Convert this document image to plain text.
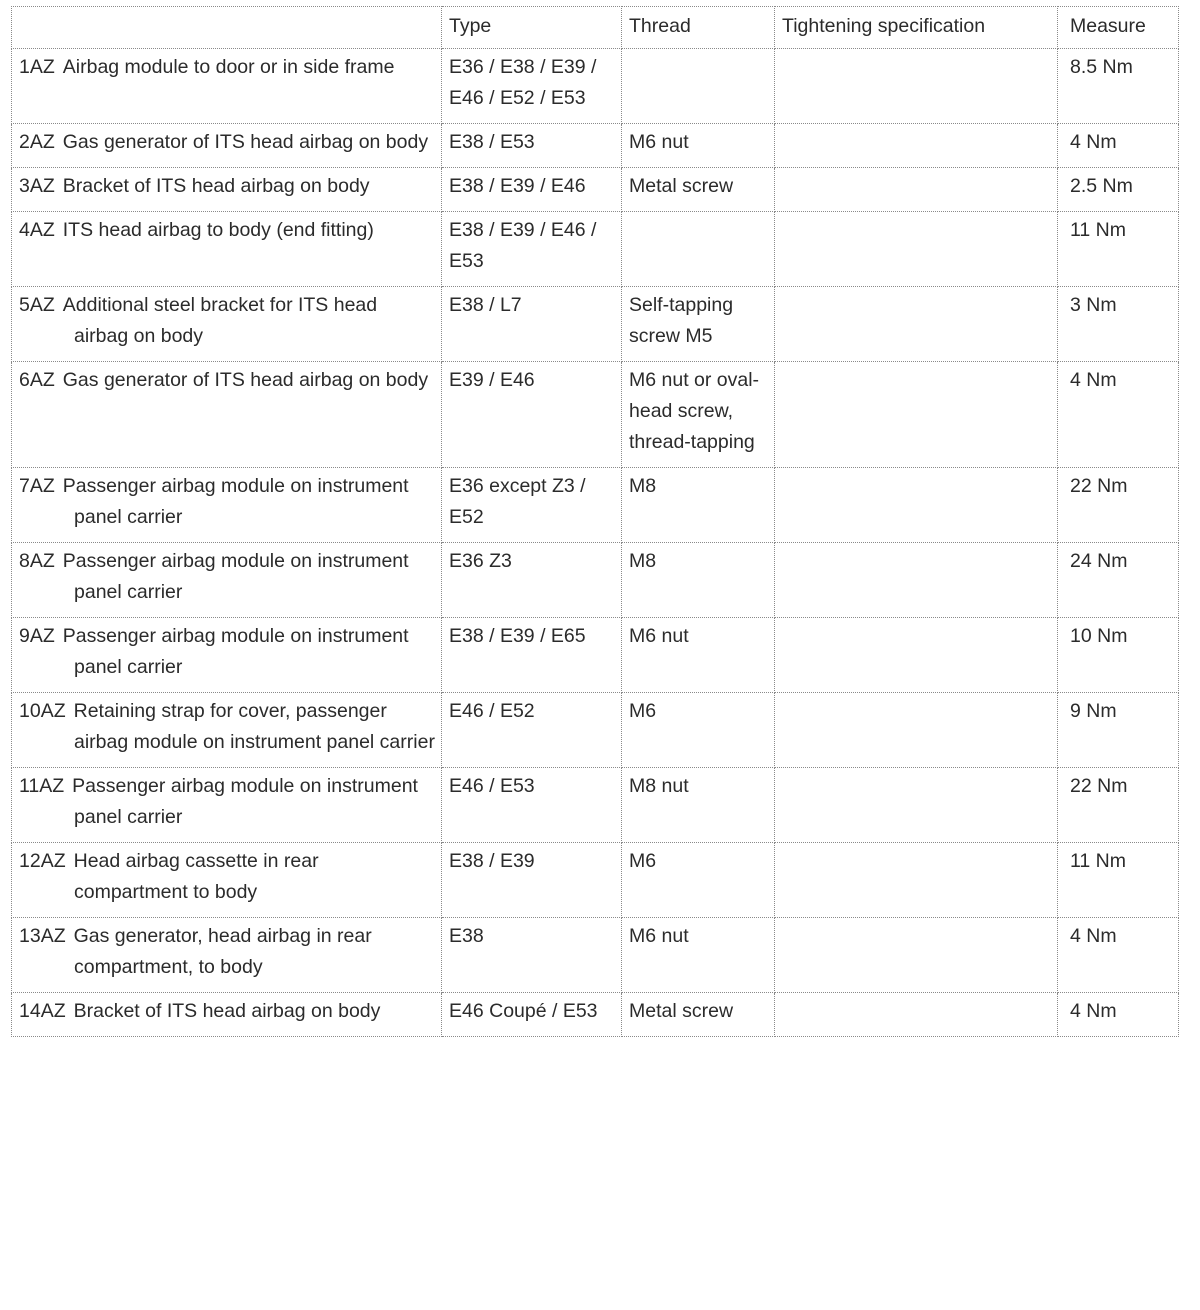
	Type	Thread	Tightening specification	Measure

1AZ Airbag module to door or in side frame	E36 / E38 / E39 / E46 / E52 / E53			8.5 Nm

2AZ Gas generator of ITS head airbag on body	E38 / E53	M6 nut		4 Nm

3AZ Bracket of ITS head airbag on body	E38 / E39 / E46	Metal screw		2.5 Nm

4AZ ITS head airbag to body (end fitting)	E38 / E39 / E46 / E53			11 Nm

5AZ Additional steel bracket for ITS head airbag on body	E38 / L7	Self-tapping screw M5		3 Nm

6AZ Gas generator of ITS head airbag on body	E39 / E46	M6 nut or oval-head screw, thread-tapping		4 Nm

7AZ Passenger airbag module on instrument panel carrier	E36 except Z3 / E52	M8		22 Nm

8AZ Passenger airbag module on instrument panel carrier	E36 Z3	M8		24 Nm

9AZ Passenger airbag module on instrument panel carrier	E38 / E39 / E65	M6 nut		10 Nm

10AZ Retaining strap for cover, passenger airbag module on instrument panel carrier	E46 / E52	M6		9 Nm

11AZ Passenger airbag module on instrument panel carrier	E46 / E53	M8 nut		22 Nm

12AZ Head airbag cassette in rear compartment to body	E38 / E39	M6		11 Nm

13AZ Gas generator, head airbag in rear compartment, to body	E38	M6 nut		4 Nm

14AZ Bracket of ITS head airbag on body	E46 Coupé / E53	Metal screw		4 Nm
